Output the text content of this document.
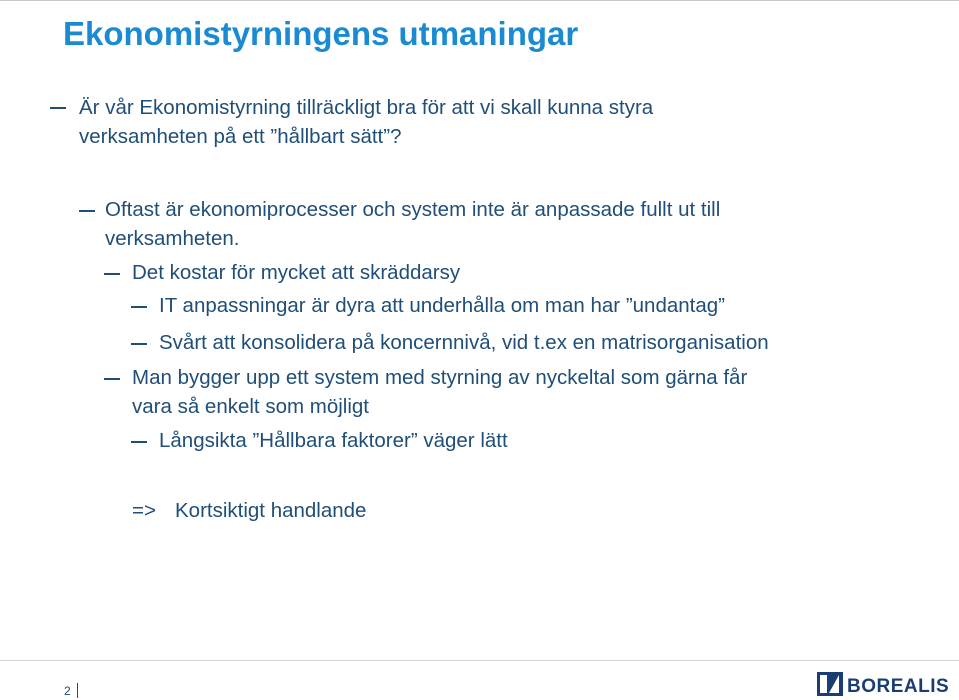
Ekonomistyrningens utmaningar
Är vår Ekonomistyrning tillräckligt bra för att vi skall kunna styra
verksamheten på ett ”hållbart sätt”?
Oftast är ekonomiprocesser och system inte är anpassade fullt ut till
verksamheten.
Det kostar för mycket att skräddarsy
IT anpassningar är dyra att underhålla om man har ”undantag”
Svårt att konsolidera på koncernnivå, vid t.ex en matrisorganisation
Man bygger upp ett system med styrning av nyckeltal som gärna får
vara så enkelt som möjligt
Långsikta ”Hållbara faktorer” väger lätt
=> Kortsiktigt handlande
2	BOREALIS
